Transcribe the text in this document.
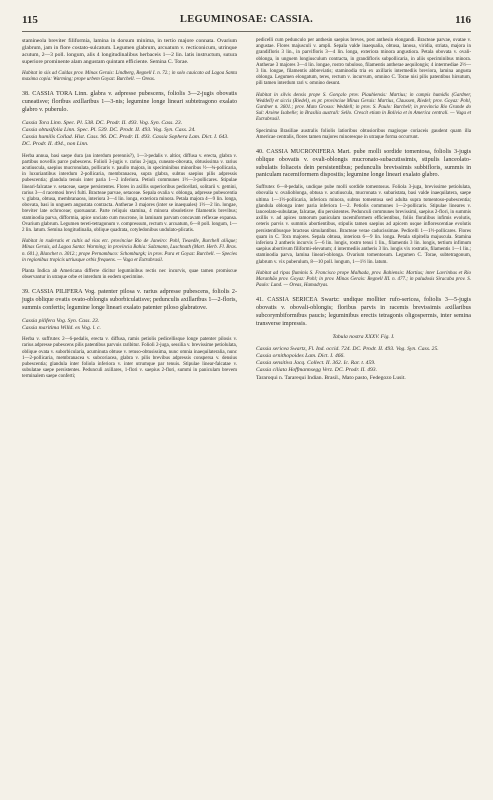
115	LEGUMINOSAE: CASSIA.	116

stamineola breviter filiformia, lamina in dorsum minima, in tertio majore connata. Ovarium glabrum, jam in flore costato-sulcatum. Legumen glabrum, arcuatum v. recticonicum, utrinque acutum, 2—3 poll. longum, alis 4 longitudinalibus herbaceis 1—2 lin. latis instructum, sutura superiore prominente alam angustam quintam efficiente. Semina C. Torae.

Habitat in siis ad Caldas prov. Minas Gerais: Lindberg, Regnell I. n. 72.; in solo cauicato ad Lagoa Santa maxima copia: Warming; prope urbem Goyaz: Burchell. — Oreas.

38. CASSIA TORA Linn. glabra v. adpresse pubescens, foliolis 3—2-jugis obovatis cuneatisve; floribus axillaribus 1—3-nis; legumine longe lineari subtetragono exalato glabro v. puberulo.

Cassia Tora Linn. Spec. Pl. 538. DC. Prodr. II. 493. Vog. Syn. Cass. 23.

Cassia obtusifolia Linn. Spec. Pl. 539. DC. Prodr. II. 493. Vog. Syn. Cass. 24.

Cassia humilis Collad. Hist. Cass. 96. DC. Prodr. II. 493. Cassia Sophera Lam. Dict. I. 643. DC. Prodr. II. 494., non Linn.

Herba annua, basi saepe dura (an interdum perennis?), 1—3-pedalis v. altior, diffusa v. erecta, glabra v. partibus novellis parce pubescens. Folioli 3-jugis v. rarius 2-juga, cuneato-obovata, obtusissima v. rarius acutiuscula, saepius mucronulata, pollicaris v. paullo majora, in speciminibus minoribus ½—¾-pollicaria, in luxuriantibus interdum 2-pollicaria, membranacea, supra glabra, subtus saepius pilis adpressis pubescentia; glandula tenuis inter paria 1—2 inferiora. Petioli communes 1½—3-pollicares. Stipulae lineari-falcatae v. setaceae, saepe persistentes. Flores in axillis superioribus pedicellati, solitarii v. gemini, rarius 3—4 racemosi brevi fulti. Bracteae parvae, setaceae. Sepala ovalia v. oblonga, adpresse pubescentia v. glabra, obtusa, membranacea, interiora 3—4 lin. longa, exteriora minora. Petala majora 4—9 lin. longa, obovata, basi in unguem angustata contracta. Antherae 3 majores (inter se inaequales) 1½—2 lin. longae, breviter late ochroceae; quoruaurat. Parte reliquis stamina, 4 minora obsoletisve filamentis brevibus; staminodia parva, difformia, apice unciato cum mucrone, in laminam parvam concavam reflexae expansa. Ovarium glabrum. Legumen tereti-tetragonum v. compressum, rectum v. arcuatum, 6—8 poll. longum, 1—2 lin. latum. Semina longitudinalia, oblique quadrata, cotyledonibus undulato-plicatis.

Habitat in ruderatis et cultis ad vias etc. provinciae Rio de Janeiro: Pohl, Twaedle, Burchell aliique; Minas Gerais, ad Lagoa Santa: Warming; in provincia Bahia: Salzmann, Luschnath (Mart. Herb. Fl. Bras. n. 601.), Blanchet n. 3012.; prope Pernambuco: Schomburgk; in prov. Para et Goyaz: Burchell. — Species in regionibus tropicis utriusque orbis frequens. — Vaga et Extrabrasil.

Planta Indica ab Americana differre dicitur leguminibus rectis nec incurvis, quae tamen promiscue observantur in utraque orbe et interdum in eodem specimine.

39. CASSIA PILIFERA Vog. patenter pilosa v. rarius adpresse pubescens, foliolis 2-jugis oblique ovatis ovato-oblongis suborbiculatisve; pedunculis axillaribus 1—2-floris, summis confertis; legumine longe lineari exalato patenter piloso glabratove.

Cassia pilifera Vog. Syn. Cass. 23.

Cassia maritima Willd. ex Vog. l. c.

Herba v. suffrutex 2—6-pedalis, erecta v. diffusa, ramis petiolis pedicellisque longe patenter pilosis v. rarius adpresse pubescens pilis patentibus parvuis raribitur. Folioli 2-juga, sessilia v. brevissime petiolulata, oblique ovata v. suborbicularia, acuminuta obtuse v. retuso-obtusissima, nunc omnia inaequilateralia, nunc 1—2-pollicaria, membranacea v. subcoriacea, glabra v. pilis brevibus adpressis conspersa v. densius pubescentia; glandula inter foliola inferiora v. inter utrumque par tenuis. Stipulae linear-falcatae v. subulatae saepe persistentes. Pedunculi axillares, 1-flori v. saepius 2-flori, summi in paniculam brevem terminalem saepe conferti;

pedicelli cum pedunculo per anthesin saepius breves, post anthesin elongandi. Bracteae parvae, ovatae v. angustae. Flores majusculi v. ampli. Sepala valde inaequalia, obtusa, lanosa, viridia, striata, majora in grandifloris 3 lin., in parvifloris 3—4 lin. longa, exteriora minora angustiora. Petala obovata v. ovali-oblonga, in unguem longiusculum contracta, in grandifloris subpollicaria, in aliis speciminibus minora. Antherae 3 majores 3—4 lin. longae, rostro tubuloso, filamentis antherae aequilongis; 4 intermediae 2½—3 lin. longae, filamentis abbreviatis; staminodia tria ex axillaris intermediis breviora, lamina angusta oblonga. Legumen elongatum, teres, rectum v. incurvum, omnino C. Torae nisi pilis patentibus hirsutum, pili tamen interdum rari v. omnino desunt.

Habitat in silvis densis prope S. Gonçalo prov. Piauhiensis: Martius; in campis humidis (Gardner, Weddell) et siccis (Riedel), ex pr. provinciae Minas Gerais: Martius, Claussen, Riedel; prov. Goyaz: Pohl, Gardner n. 3601.; prov. Mato Grosso: Weddell; in prov. S. Paulo: Burchell; in provincia Rio Grande do Sul: Arsène Isabelle; in Brasilia australi: Sello. Crescit etiam in Bolivia et in America centrali. — Vaga et Extrabrasil.

Specimina Brasiliae australis foliolis latioribus obtusioribus magisque coriaceis gaudent quam illa Americae centralis, flores tamen majores minoresque in utraque forma occurrunt.

40. CASSIA MUCRONIFERA Mart. pube molli sordide tomentosa, foliolis 3-jugis oblique obovatis v. ovali-oblongis mucronato-subacutissimis, stipulis lanceolato-subulatis foliaceis dein persistentibus; pedunculis brevissimis subbifloris, summis in paniculam racemiformem dispositis; legumine longe lineari exalato glabro.

Suffrutex 6—8-pedalis, undique pube molli sordide tomentosus. Foliola 3-juga, brevissime petiolulata, obovalia v. ovalioblonga, obtusa v. acutiuscula, mucronata v. subaristata, basi valde inaequilatera, saepe ultima 1—1½-pollicaria, inferiora minora, subtus tomentosa sed adulta supra tomentoso-pubescentia; glandula oblonga inter paria inferiora 1—2. Petiolis communes 1—2-pollicaris. Stipulae lineares v. lanceolato-subulatae, falcatae, diu persistentes. Pedunculi communes brevissimi, saepius 2-flori, in summis axillis v. ad apices ramorum paniculam racemiformem efficientibus, foliis floralibus infimis evolutis, ceteris parvis v. summis abortientibus, stipulis tamen saepius ad apicem usque inflorescentiae evolutis persistentibusque bracteas simulantibus. Bracteae verae caducissimae. Pedicelli 1—1½-pollicares. Flores quam in C. Tora majores. Sepala obtusa, interiora 6—9 lin. longa. Petala stipitella majuscula. Stamina inferiora 2 antheris incurvis 5—6 lin. longis, rostro tenui 1 lin., filamentis 3 lin. longis, tertium infimum saepius abortivum filiformi-elevatum; 4 intermediis antheris 3 lin. longis vix rostratis, filamentis 1—1 lin.; staminodia parva, lamina lineari-oblonga. Ovarium tomentosum. Legumen C. Torae, subtetragonum, glabrum v. vix puberulum, 8—10 poll. longum, 1—1½ lin. latum.

Habitat ad ripas fluminis S. Francisco prope Malhada, prov. Bahiensis: Martius; inter Lavrinhas et Rio Maranhão prov. Goyaz: Pohl; in prov. Minas Gerais: Regnell III. n. 477.; in paludosis Siracaba prov. S. Paulo: Lund. — Oreas, Hamadryas.

41. CASSIA SERICEA Swartz: undique molliter rufo-sericea, foliolis 3—5-jugis obovatis v. obovali-oblongis; floribus parvis in racemis brevissimis axillaribus subcorymbiformibus paucis; leguminibus erectis tetragonis oligospermis, inter semina transverse impressis.

Tabula nostra XXXV. Fig. I.

Cassia sericea Swartz, Fl. Ind. occid. 724. DC. Prodr. II. 493. Vog. Syn. Cass. 25.

Cassia ornithopoides Lam. Dict. I. 466.

Cassia sensitiva Jacq. Collect. II. 362. Ic. Rar. t. 459.

Cassia ciliata Hoffmannsegg Verz. DC. Prodr. II. 493.

Tararoqui n. Tararequi Indian. Brasil., Mato pasto, Fedegozo Lusit.
